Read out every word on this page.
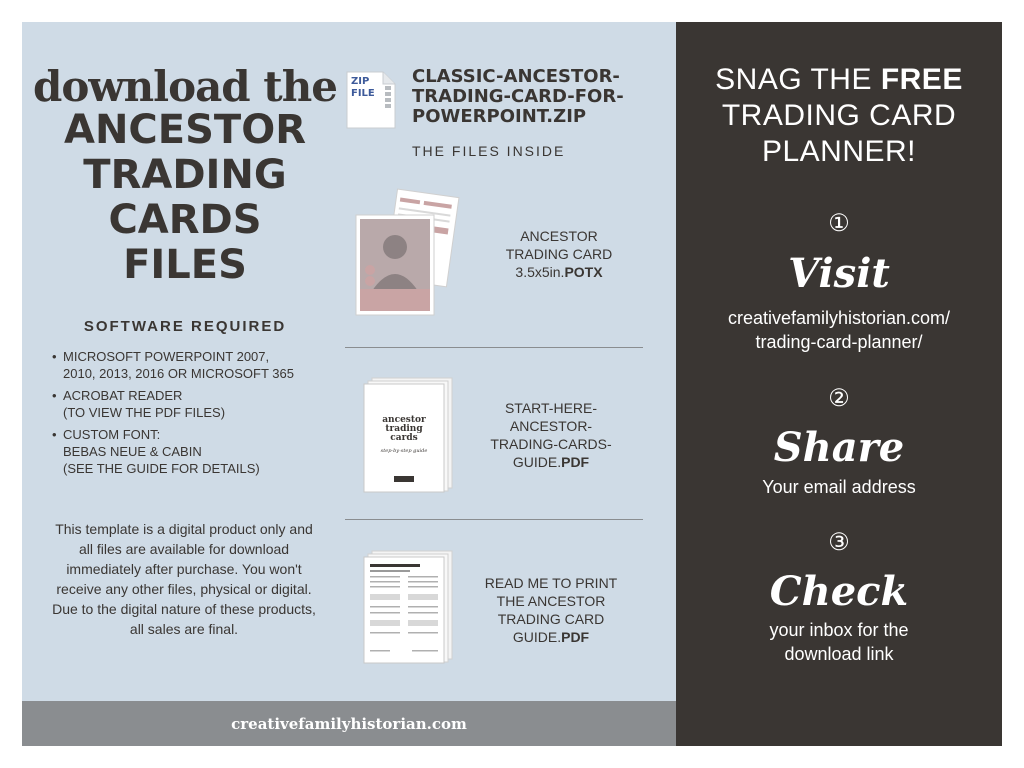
download the
ANCESTOR
TRADING
CARDS
FILES
SOFTWARE REQUIRED
• MICROSOFT POWERPOINT 2007,
2010, 2013, 2016 OR MICROSOFT 365
• ACROBAT READER
(TO VIEW THE PDF FILES)
• CUSTOM FONT:
BEBAS NEUE & CABIN
(SEE THE GUIDE FOR DETAILS)
This template is a digital product only and all files are available for download immediately after purchase. You won't receive any other files, physical or digital. Due to the digital nature of these products, all sales are final.
ZIP
FILE
CLASSIC-ANCESTOR-
TRADING-CARD-FOR-
POWERPOINT.ZIP
THE FILES INSIDE
ANCESTOR
TRADING CARD
3.5x5in.POTX
ancestor
trading
cards
step-by-step guide
START-HERE-
ANCESTOR-
TRADING-CARDS-
GUIDE.PDF
READ ME TO PRINT
THE ANCESTOR
TRADING CARD
GUIDE.PDF
creativefamilyhistorian.com
SNAG THE FREE
TRADING CARD
PLANNER!
①
Visit
creativefamilyhistorian.com/
trading-card-planner/
②
Share
Your email address
③
Check
your inbox for the
download link
